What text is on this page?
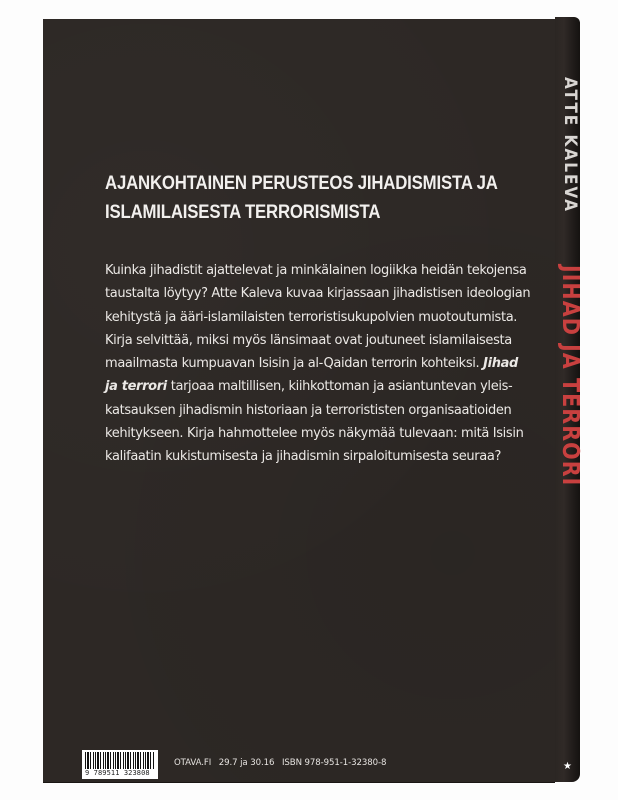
AJANKOHTAINEN PERUSTEOS JIHADISMISTA JA
ISLAMILAISESTA TERRORISMISTA
Kuinka jihadistit ajattelevat ja minkälainen logiikka heidän tekojensa
taustalta löytyy? Atte Kaleva kuvaa kirjassaan jihadistisen ideologian
kehitystä ja ääri-islamilaisten terroristisukupolvien muotoutumista.
Kirja selvittää, miksi myös länsimaat ovat joutuneet islamilaisesta
maailmasta kumpuavan Isisin ja al-Qaidan terrorin kohteiksi. Jihad
ja terrori tarjoaa maltillisen, kiihkottoman ja asiantuntevan yleis-
katsauksen jihadismin historiaan ja terrorististen organisaatioiden
kehitykseen. Kirja hahmottelee myös näkymää tulevaan: mitä Isisin
kalifaatin kukistumisesta ja jihadismin sirpaloitumisesta seuraa?
9 789511 323808
OTAVA.FI 29.7 ja 30.16 ISBN 978-951-1-32380-8
ATTE KALEVA
JIHAD JA TERRORI
★
